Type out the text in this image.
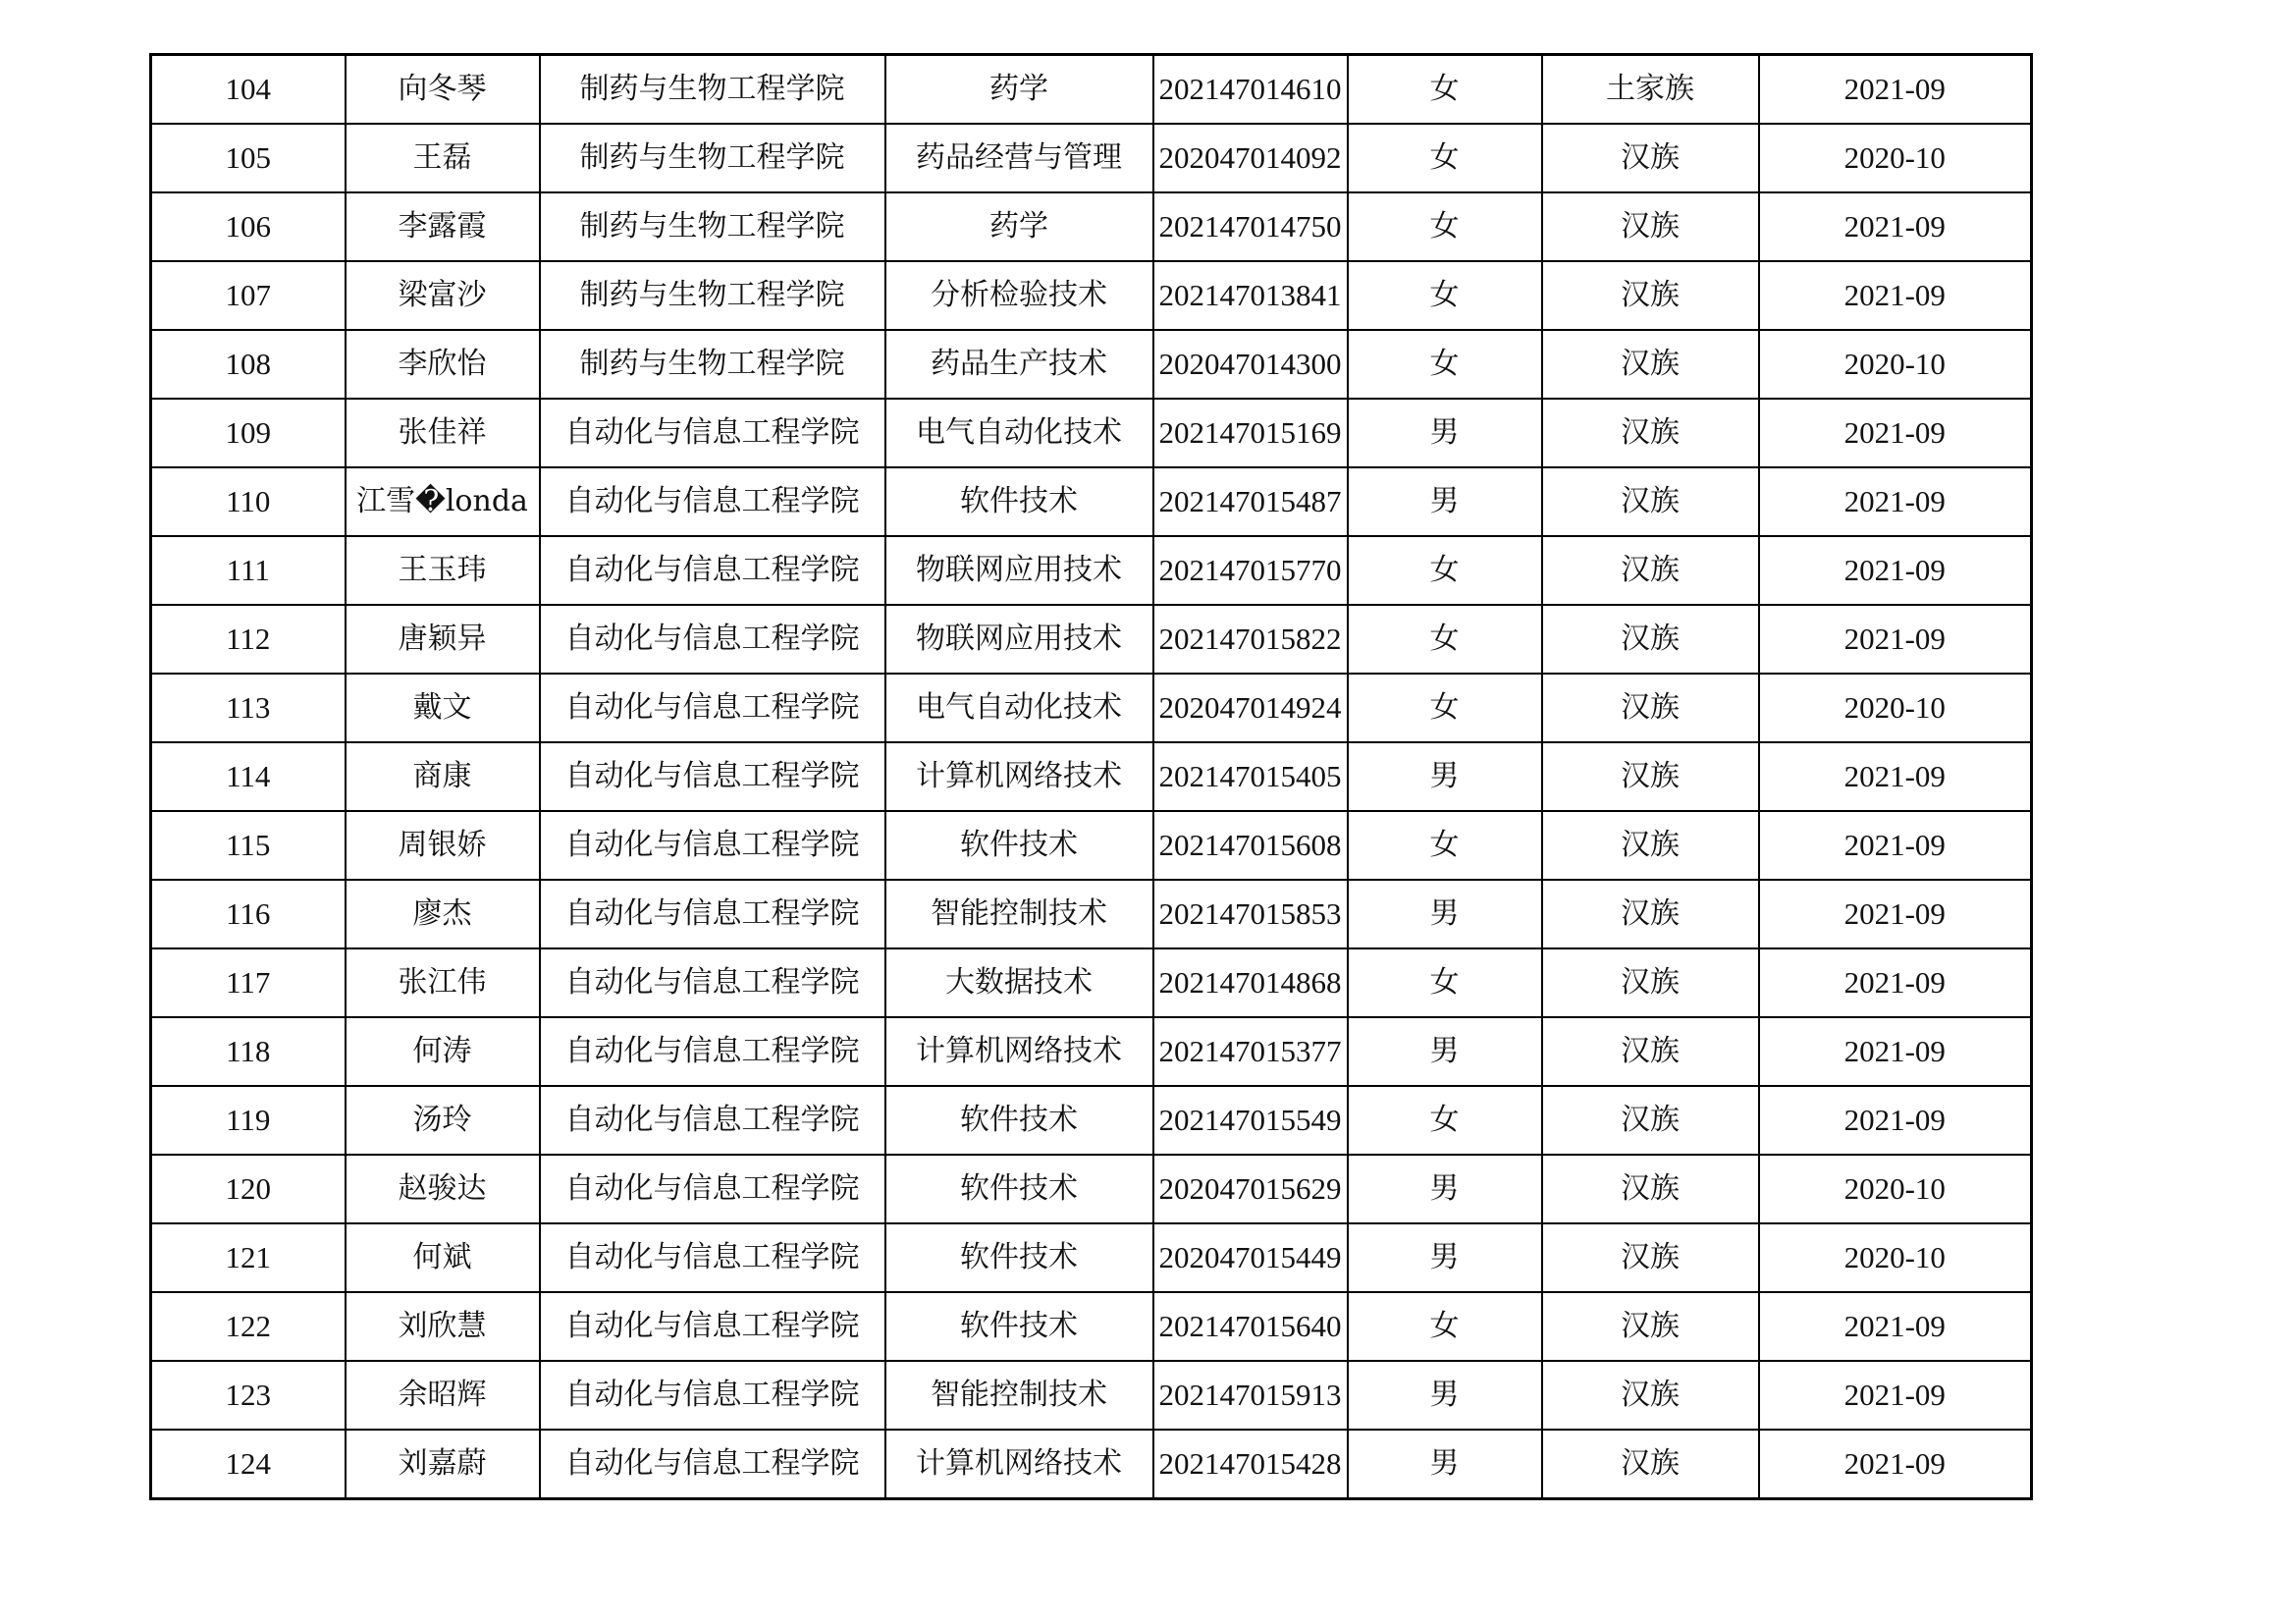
104	向冬琴	制药与生物工程学院	药学	202147014610	女	土家族	2021-09
105	王磊	制药与生物工程学院	药品经营与管理	202047014092	女	汉族	2020-10
106	李露霞	制药与生物工程学院	药学	202147014750	女	汉族	2021-09
107	梁富沙	制药与生物工程学院	分析检验技术	202147013841	女	汉族	2021-09
108	李欣怡	制药与生物工程学院	药品生产技术	202047014300	女	汉族	2020-10
109	张佳祥	自动化与信息工程学院	电气自动化技术	202147015169	男	汉族	2021-09
110	江雪�londa	自动化与信息工程学院	软件技术	202147015487	男	汉族	2021-09
111	王玉玮	自动化与信息工程学院	物联网应用技术	202147015770	女	汉族	2021-09
112	唐颖异	自动化与信息工程学院	物联网应用技术	202147015822	女	汉族	2021-09
113	戴文	自动化与信息工程学院	电气自动化技术	202047014924	女	汉族	2020-10
114	商康	自动化与信息工程学院	计算机网络技术	202147015405	男	汉族	2021-09
115	周银娇	自动化与信息工程学院	软件技术	202147015608	女	汉族	2021-09
116	廖杰	自动化与信息工程学院	智能控制技术	202147015853	男	汉族	2021-09
117	张江伟	自动化与信息工程学院	大数据技术	202147014868	女	汉族	2021-09
118	何涛	自动化与信息工程学院	计算机网络技术	202147015377	男	汉族	2021-09
119	汤玲	自动化与信息工程学院	软件技术	202147015549	女	汉族	2021-09
120	赵骏达	自动化与信息工程学院	软件技术	202047015629	男	汉族	2020-10
121	何斌	自动化与信息工程学院	软件技术	202047015449	男	汉族	2020-10
122	刘欣慧	自动化与信息工程学院	软件技术	202147015640	女	汉族	2021-09
123	余昭辉	自动化与信息工程学院	智能控制技术	202147015913	男	汉族	2021-09
124	刘嘉蔚	自动化与信息工程学院	计算机网络技术	202147015428	男	汉族	2021-09
